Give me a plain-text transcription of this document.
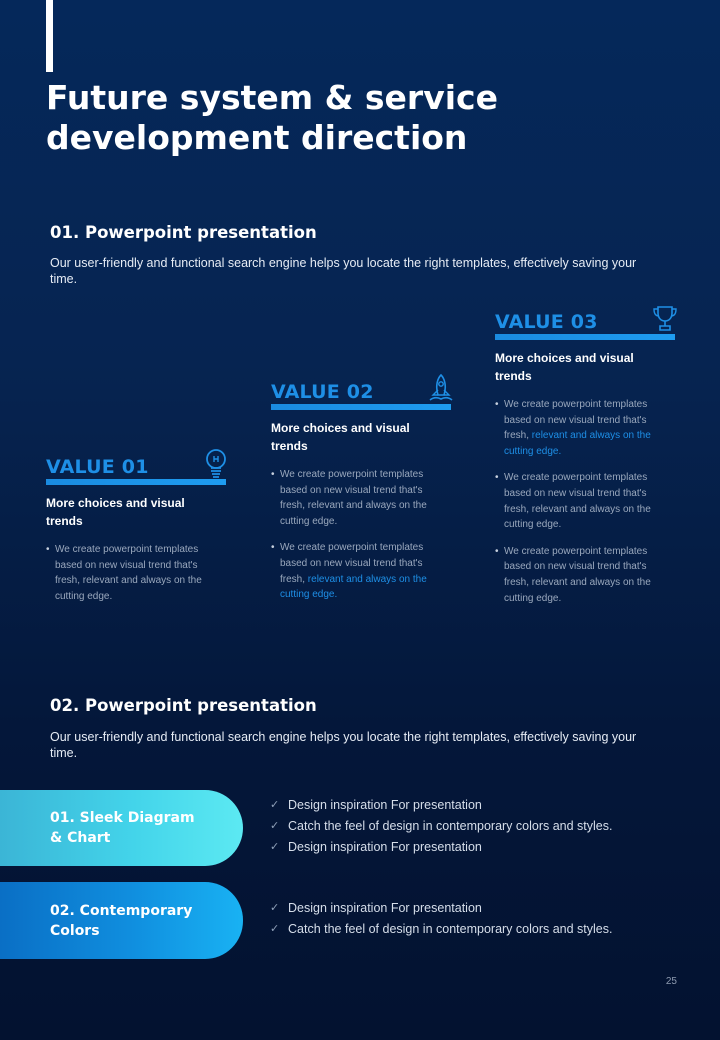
Future system & service development direction
01. Powerpoint presentation

Our user-friendly and functional search engine helps you locate the right templates, effectively saving your time.

VALUE 01
More choices and visual trends
• We create powerpoint templates based on new visual trend that's fresh, relevant and always on the cutting edge.
VALUE 02
More choices and visual trends
• We create powerpoint templates based on new visual trend that's fresh, relevant and always on the cutting edge.
• We create powerpoint templates based on new visual trend that's fresh, relevant and always on the cutting edge.
VALUE 03
More choices and visual trends
• We create powerpoint templates based on new visual trend that's fresh, relevant and always on the cutting edge.
• We create powerpoint templates based on new visual trend that's fresh, relevant and always on the cutting edge.
• We create powerpoint templates based on new visual trend that's fresh, relevant and always on the cutting edge.
02. Powerpoint presentation

Our user-friendly and functional search engine helps you locate the right templates, effectively saving your time.

01. Sleek Diagram
& Chart
✓ Design inspiration For presentation
✓ Catch the feel of design in contemporary colors and styles.
✓ Design inspiration For presentation
02. Contemporary Colors
✓ Design inspiration For presentation
✓ Catch the feel of design in contemporary colors and styles.
25
